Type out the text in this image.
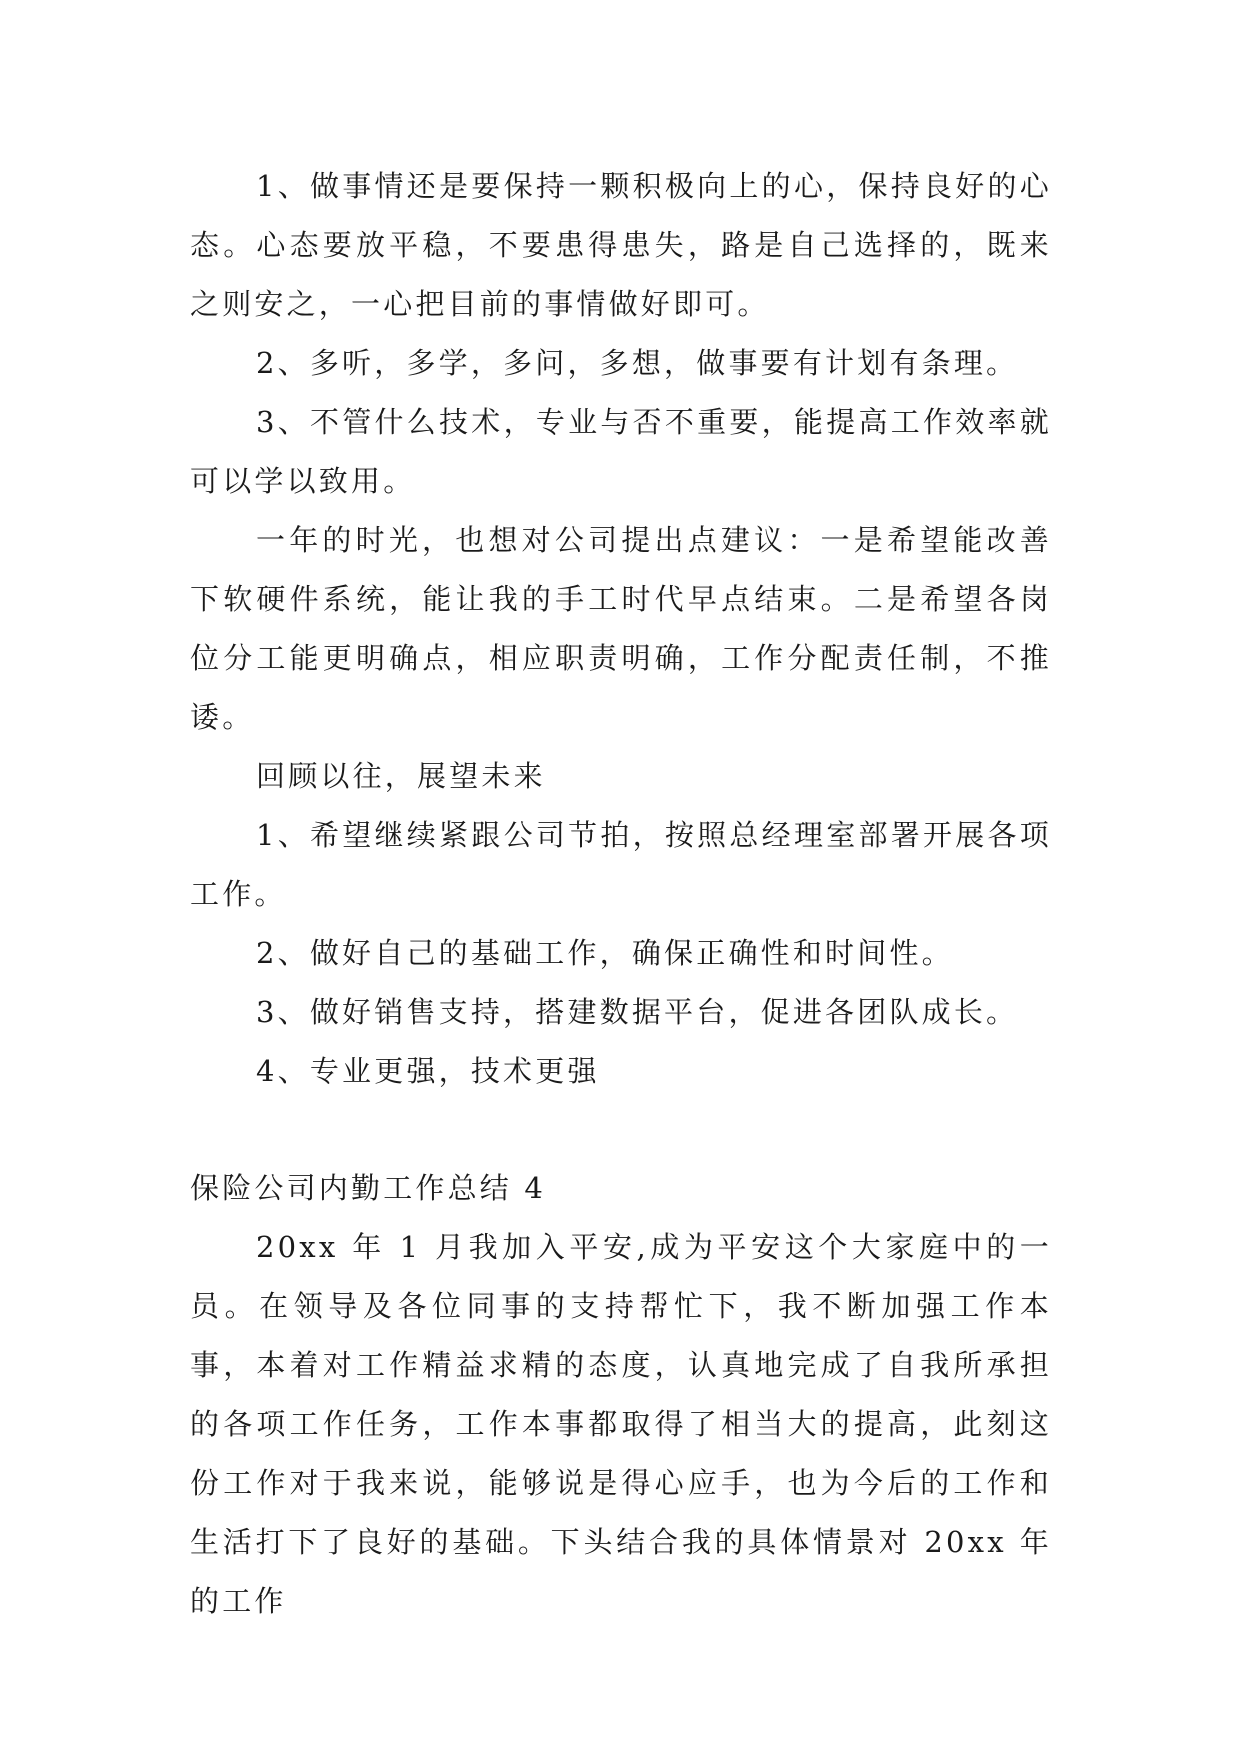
1、做事情还是要保持一颗积极向上的心，保持良好的心态。心态要放平稳，不要患得患失，路是自己选择的，既来之则安之，一心把目前的事情做好即可。

2、多听，多学，多问，多想，做事要有计划有条理。

3、不管什么技术，专业与否不重要，能提高工作效率就可以学以致用。

一年的时光，也想对公司提出点建议：一是希望能改善下软硬件系统，能让我的手工时代早点结束。二是希望各岗位分工能更明确点，相应职责明确，工作分配责任制，不推诿。

回顾以往，展望未来

1、希望继续紧跟公司节拍，按照总经理室部署开展各项工作。

2、做好自己的基础工作，确保正确性和时间性。

3、做好销售支持，搭建数据平台，促进各团队成长。

4、专业更强，技术更强

保险公司内勤工作总结 4

20xx 年 1 月我加入平安,成为平安这个大家庭中的一员。在领导及各位同事的支持帮忙下，我不断加强工作本事，本着对工作精益求精的态度，认真地完成了自我所承担的各项工作任务，工作本事都取得了相当大的提高，此刻这份工作对于我来说，能够说是得心应手，也为今后的工作和生活打下了良好的基础。下头结合我的具体情景对 20xx 年的工作
